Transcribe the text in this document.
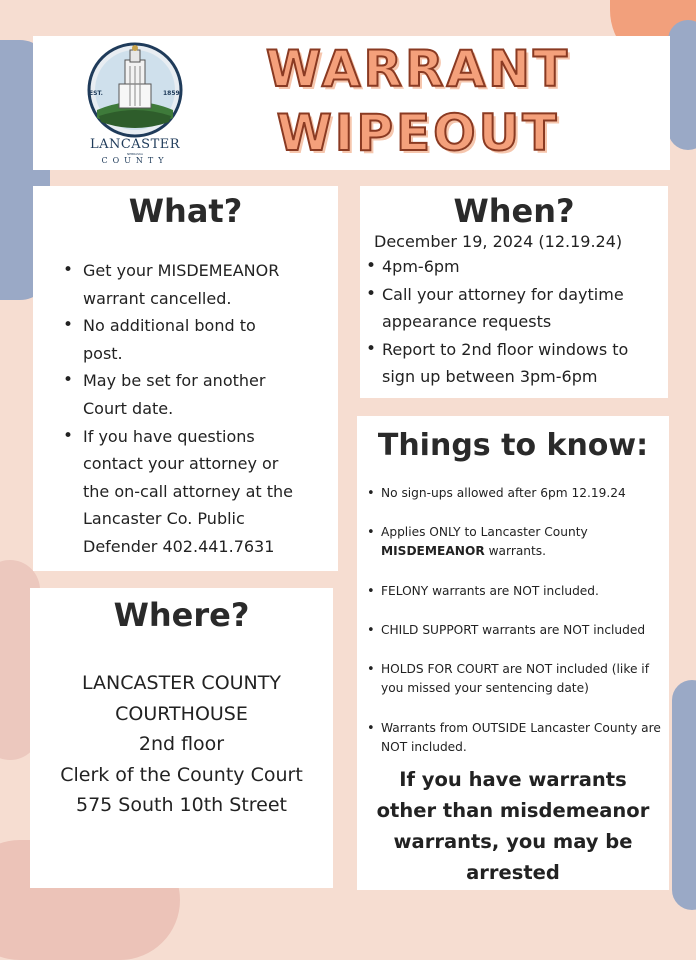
EST.	1859
LANCASTER
NEBRASKA
COUNTY
WARRANT
WIPEOUT
What?
• Get your MISDEMEANOR
warrant cancelled.
• No additional bond to
post.
• May be set for another
Court date.
• If you have questions
contact your attorney or
the on-call attorney at the
Lancaster Co. Public
Defender 402.441.7631
When?
December 19, 2024 (12.19.24)
• 4pm-6pm
• Call your attorney for daytime
appearance requests
• Report to 2nd floor windows to
sign up between 3pm-6pm
Things to know:
• No sign-ups allowed after 6pm 12.19.24
• Applies ONLY to Lancaster County
MISDEMEANOR warrants.
• FELONY warrants are NOT included.
• CHILD SUPPORT warrants are NOT included
• HOLDS FOR COURT are NOT included (like if
you missed your sentencing date)
• Warrants from OUTSIDE Lancaster County are
NOT included.
If you have warrants
other than misdemeanor
warrants, you may be
arrested
Where?
LANCASTER COUNTY
COURTHOUSE
2nd floor
Clerk of the County Court
575 South 10th Street
